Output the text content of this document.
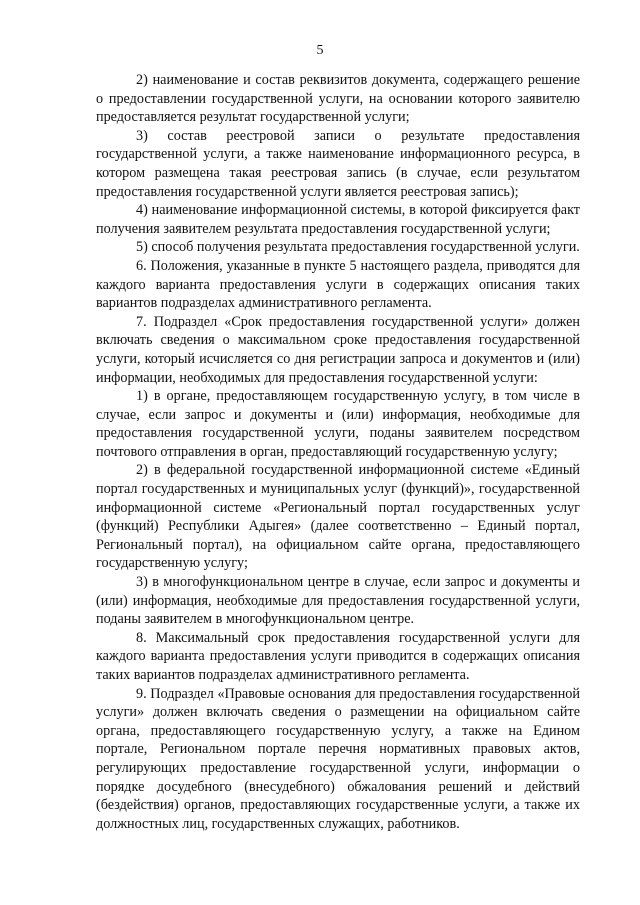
5

2) наименование и состав реквизитов документа, содержащего решение о предоставлении государственной услуги, на основании которого заявителю предоставляется результат государственной услуги;

3) состав реестровой записи о результате предоставления государственной услуги, а также наименование информационного ресурса, в котором размещена такая реестровая запись (в случае, если результатом предоставления государственной услуги является реестровая запись);

4) наименование информационной системы, в которой фиксируется факт получения заявителем результата предоставления государственной услуги;

5) способ получения результата предоставления государственной услуги.

6. Положения, указанные в пункте 5 настоящего раздела, приводятся для каждого варианта предоставления услуги в содержащих описания таких вариантов подразделах административного регламента.

7. Подраздел «Срок предоставления государственной услуги» должен включать сведения о максимальном сроке предоставления государственной услуги, который исчисляется со дня регистрации запроса и документов и (или) информации, необходимых для предоставления государственной услуги:

1) в органе, предоставляющем государственную услугу, в том числе в случае, если запрос и документы и (или) информация, необходимые для предоставления государственной услуги, поданы заявителем посредством почтового отправления в орган, предоставляющий государственную услугу;

2) в федеральной государственной информационной системе «Единый портал государственных и муниципальных услуг (функций)», государственной информационной системе «Региональный портал государственных услуг (функций) Республики Адыгея» (далее соответственно – Единый портал, Региональный портал), на официальном сайте органа, предоставляющего государственную услугу;

3) в многофункциональном центре в случае, если запрос и документы и (или) информация, необходимые для предоставления государственной услуги, поданы заявителем в многофункциональном центре.

8. Максимальный срок предоставления государственной услуги для каждого варианта предоставления услуги приводится в содержащих описания таких вариантов подразделах административного регламента.

9. Подраздел «Правовые основания для предоставления государственной услуги» должен включать сведения о размещении на официальном сайте органа, предоставляющего государственную услугу, а также на Едином портале, Региональном портале перечня нормативных правовых актов, регулирующих предоставление государственной услуги, информации о порядке досудебного (внесудебного) обжалования решений и действий (бездействия) органов, предоставляющих государственные услуги, а также их должностных лиц, государственных служащих, работников.
